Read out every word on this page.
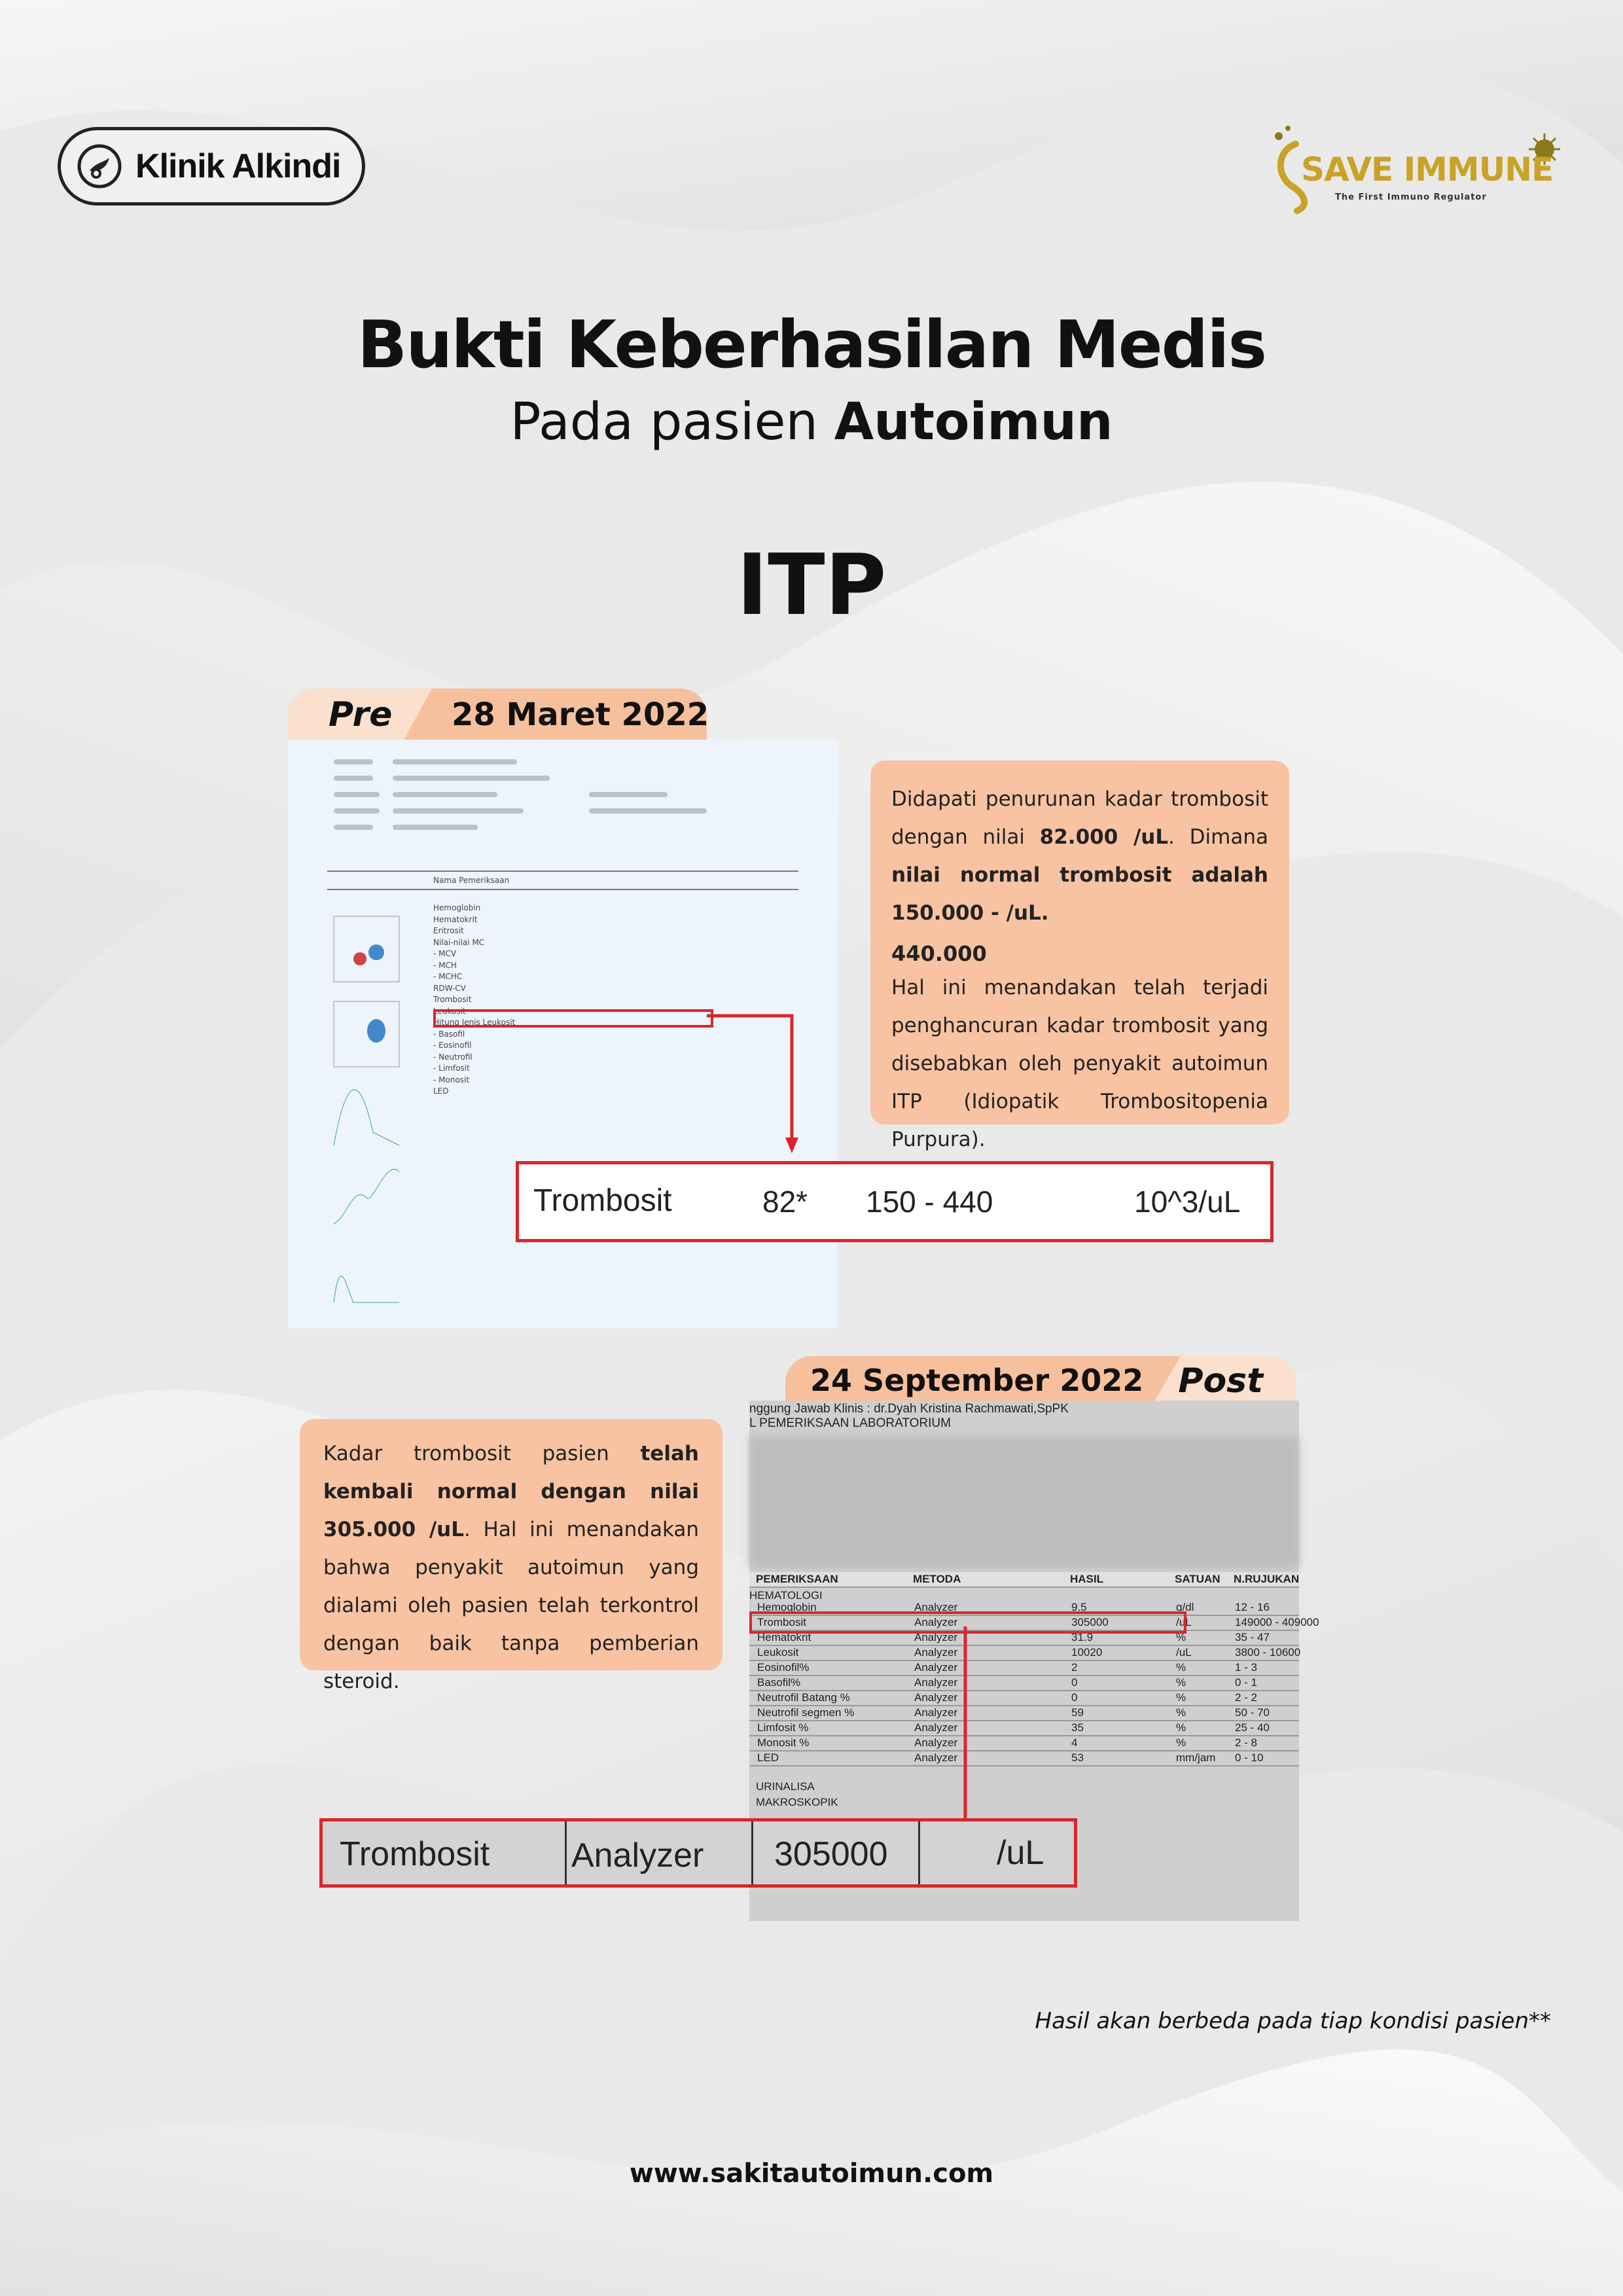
Klinik Alkindi	SAVE IMMUNE
The First Immuno Regulator
Bukti Keberhasilan Medis
Pada pasien Autoimun
ITP
Pre 28 Maret 2022
Nama Pemeriksaan
Hemoglobin
Hematokrit
Eritrosit
Nilai-nilai MC
- MCV
- MCH
- MCHC
RDW-CV
Trombosit
Leukosit
Hitung Jenis Leukosit
- Basofil
- Eosinofil
- Neutrofil
- Limfosit
- Monosit
LED

Didapati penurunan kadar trombosit dengan nilai 82.000 /uL. Dimana nilai normal trombosit adalah 150.000 - /uL.

440.000

Hal ini menandakan telah terjadi penghancuran kadar trombosit yang disebabkan oleh penyakit autoimun ITP (Idiopatik Trombositopenia Purpura).

Trombosit	82* 150 - 440	10^3/uL
24 September 2022 Post
nggung Jawab Klinis : dr.Dyah Kristina Rachmawati,SpPK
L PEMERIKSAAN LABORATORIUM
PEMERIKSAAN	METODA	HASIL	SATUAN N.RUJUKAN
HEMATOLOGI
Hemoglobin	Analyzer	9.5	g/dl	12 - 16
Trombosit	Analyzer	305000	/uL	149000 - 409000
Hematokrit	Analyzer	31.9	%	35 - 47
Leukosit	Analyzer	10020	/uL	3800 - 10600
Eosinofil%	Analyzer	2	%	1 - 3
Basofil%	Analyzer	0	%	0 - 1
Neutrofil Batang %	Analyzer	0	%	2 - 2
Neutrofil segmen %	Analyzer	59	%	50 - 70
Limfosit %	Analyzer	35	%	25 - 40
Monosit %	Analyzer	4	%	2 - 8
LED	Analyzer	53	mm/jam 0 - 10
URINALISA
MAKROSKOPIK

Kadar trombosit pasien telah kembali normal dengan nilai 305.000 /uL. Hal ini menandakan bahwa penyakit autoimun yang dialami oleh pasien telah terkontrol dengan baik tanpa pemberian steroid.

Trombosit Analyzer 305000	/uL
Hasil akan berbeda pada tiap kondisi pasien**
www.sakitautoimun.com
